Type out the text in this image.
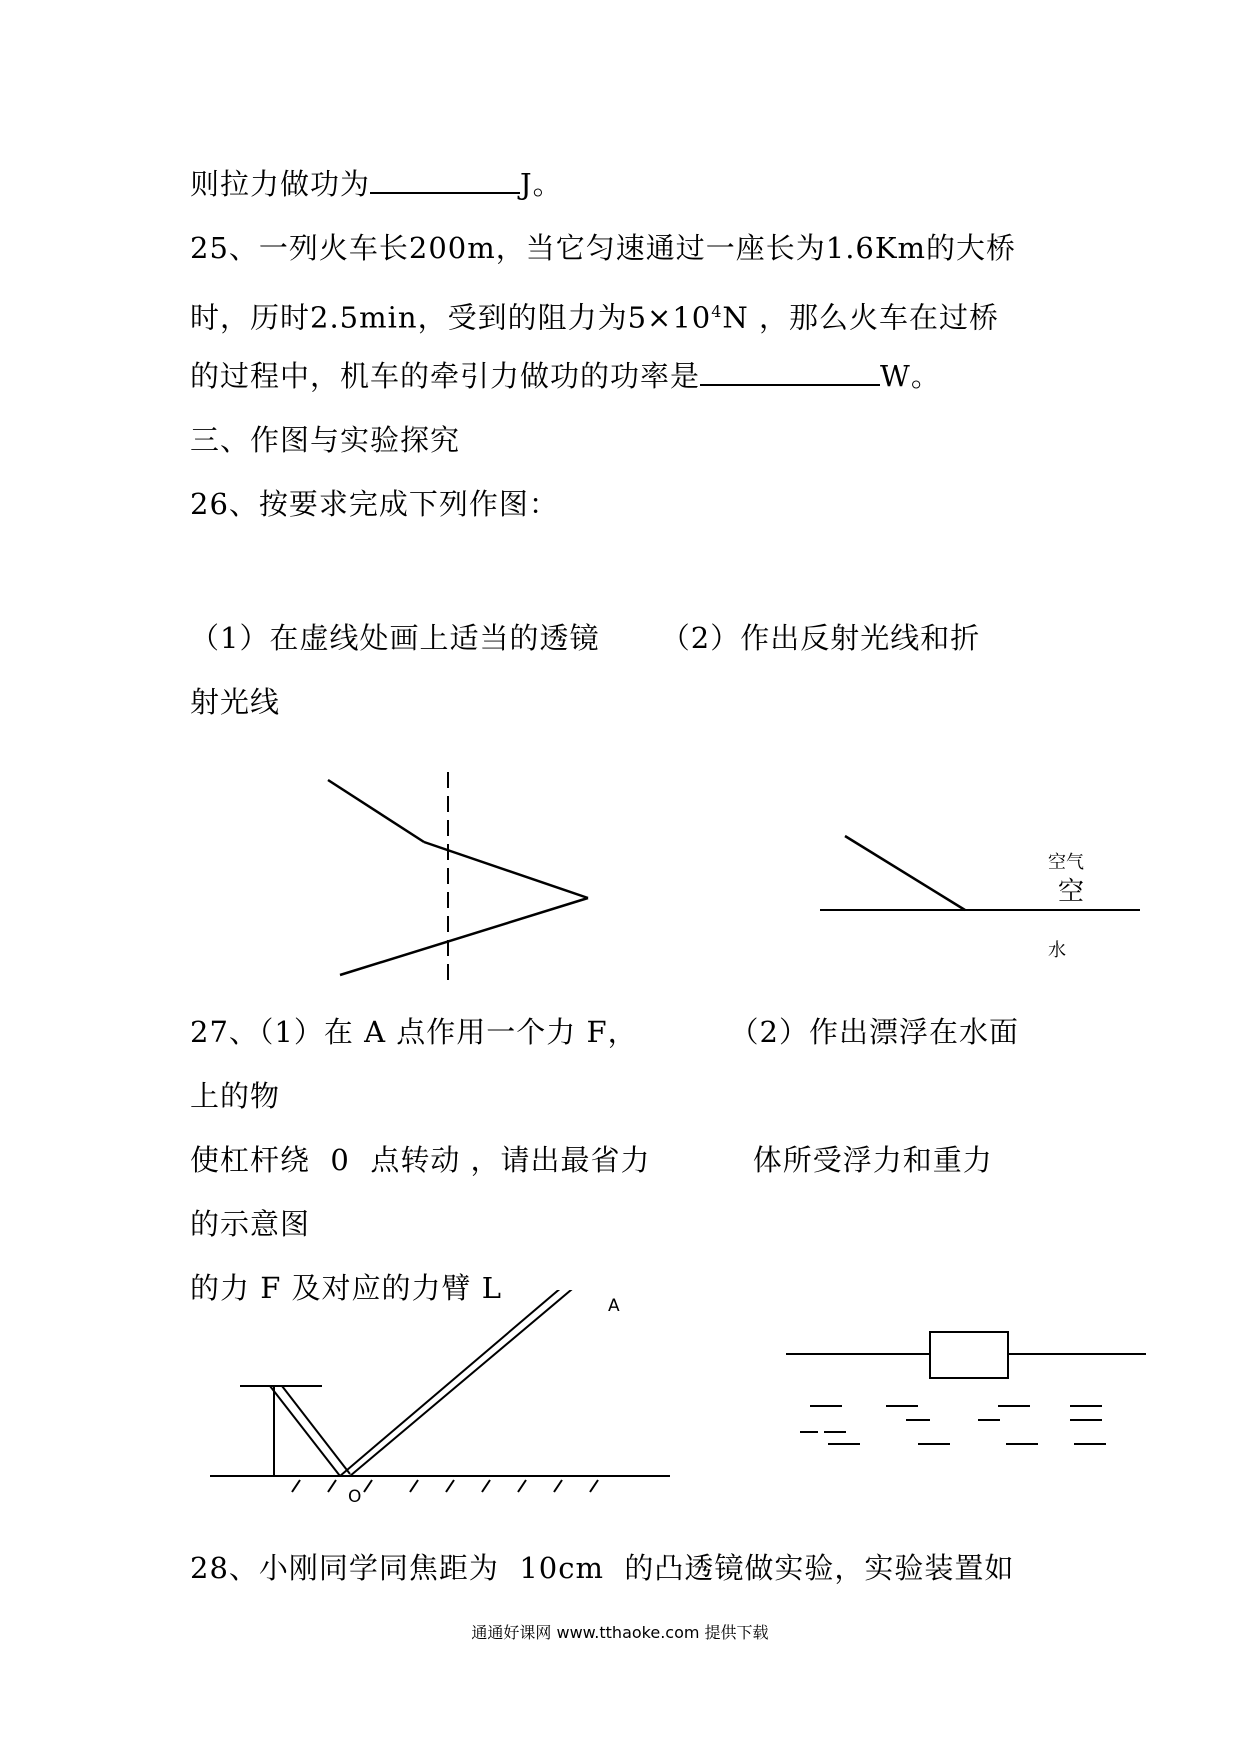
则拉力做功为	J。
25、一列火车长200m，当它匀速通过一座长为1.6Km的大桥
时，历时2.5min，受到的阻力为$5\times 10^4N$ ，那么火车在过桥
的过程中，机车的牵引力做功的功率是	W。
三、作图与实验探究
26、按要求完成下列作图：
（1）在虚线处画上适当的透镜      （2）作出反射光线和折
射光线
空气
空
水
27、（1）在 A 点作用一个力 F，         （2）作出漂浮在水面
上的物
使杠杆绕  0  点转动 ，请出最省力          体所受浮力和重力
的示意图
的力 F 及对应的力臂 L
O
A
28、小刚同学同焦距为  10cm  的凸透镜做实验，实验装置如
通通好课网 www.tthaoke.com 提供下载
